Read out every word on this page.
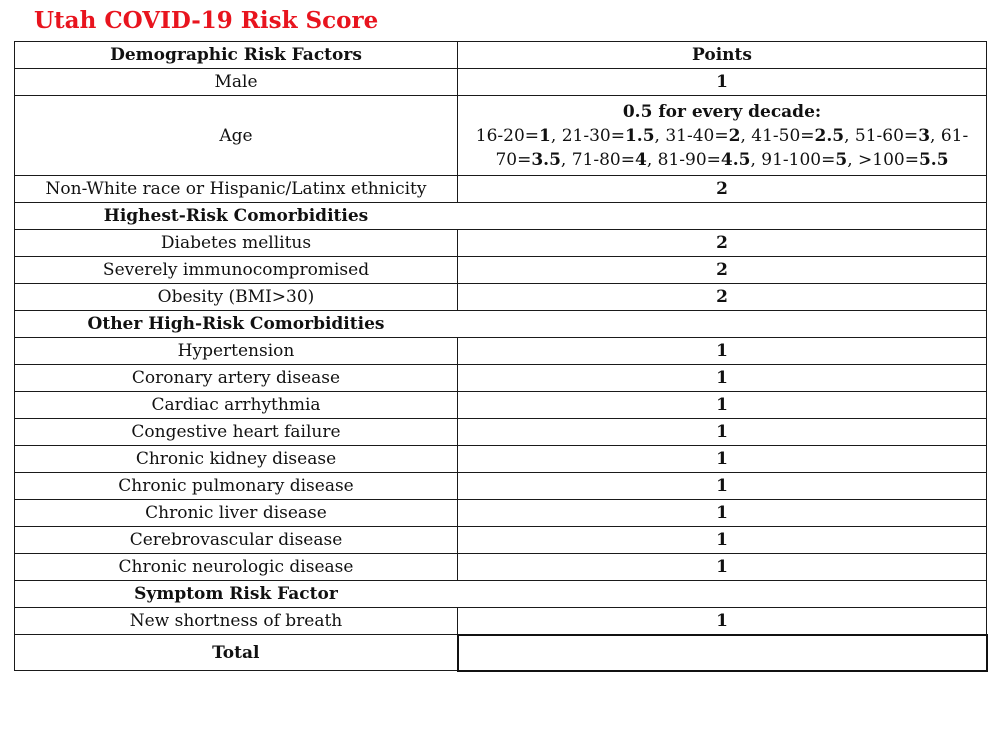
Utah COVID-19 Risk Score
Demographic Risk Factors	Points
Male	1
Age	0.5 for every decade:
16-20=1, 21-30=1.5, 31-40=2, 41-50=2.5, 51-60=3, 61-
70=3.5, 71-80=4, 81-90=4.5, 91-100=5, >100=5.5

Non-White race or Hispanic/Latinx ethnicity	2
Highest-Risk Comorbidities	
Diabetes mellitus	2
Severely immunocompromised	2
Obesity (BMI>30)	2
Other High-Risk Comorbidities	
Hypertension	1
Coronary artery disease	1
Cardiac arrhythmia	1
Congestive heart failure	1
Chronic kidney disease	1
Chronic pulmonary disease	1
Chronic liver disease	1
Cerebrovascular disease	1
Chronic neurologic disease	1
Symptom Risk Factor	
New shortness of breath	1
Total	
